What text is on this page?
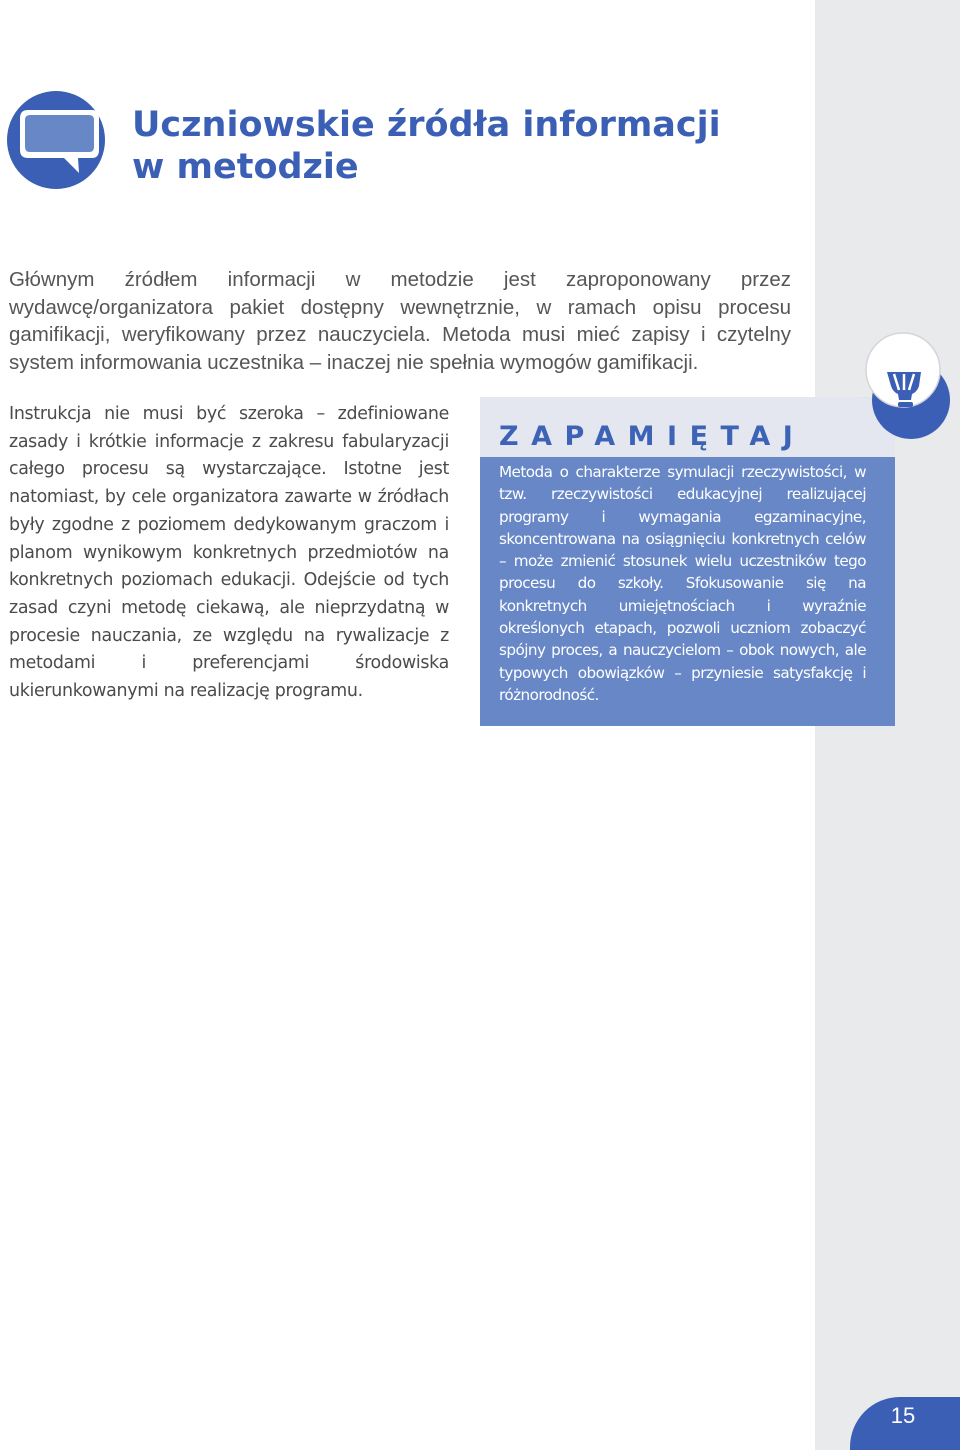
Uczniowskie źródła informacji
w metodzie

Głównym źródłem informacji w metodzie jest zaproponowany przez wydawcę/organizatora pakiet dostępny wewnętrznie, w ramach opisu procesu gamifikacji, weryfikowany przez nauczyciela. Metoda musi mieć zapisy i czytelny system informowania uczestnika – inaczej nie spełnia wymogów gamifikacji.

Instrukcja nie musi być szeroka – zdefiniowane zasady i krótkie informacje z zakresu fabularyzacji całego procesu są wystarczające. Istotne jest natomiast, by cele organizatora zawarte w źródłach były zgodne z poziomem dedykowanym graczom i planom wynikowym konkretnych przedmiotów na konkretnych poziomach edukacji. Odejście od tych zasad czyni metodę ciekawą, ale nieprzydatną w procesie nauczania, ze względu na rywalizacje z metodami i preferencjami środowiska ukierunkowanymi na realizację programu.

ZAPAMIĘTAJ

Metoda o charakterze symulacji rzeczywistości, w tzw. rzeczywistości edukacyjnej realizującej programy i wymagania egzaminacyjne, skoncentrowana na osiągnięciu konkretnych celów – może zmienić stosunek wielu uczestników tego procesu do szkoły. Sfokusowanie się na konkretnych umiejętnościach i wyraźnie określonych etapach, pozwoli uczniom zobaczyć spójny proces, a nauczycielom – obok nowych, ale typowych obowiązków – przyniesie satysfakcję i różnorodność.

15
